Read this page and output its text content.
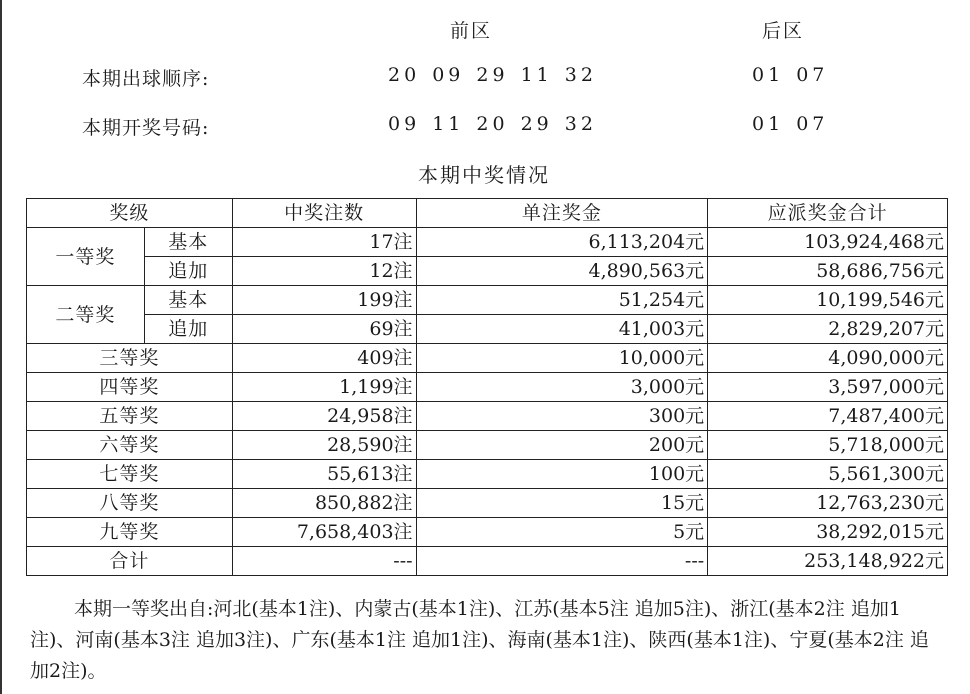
前区	后区
本期出球顺序:	20 09 29 11 32	01 07
本期开奖号码:	09 11 20 29 32	01 07
本期中奖情况
奖级		中奖注数	单注奖金	应派奖金合计
一等奖	基本	17注	6,113,204元	103,924,468元
	追加	12注	4,890,563元	58,686,756元
二等奖	基本	199注	51,254元	10,199,546元
	追加	69注	41,003元	2,829,207元
三等奖		409注	10,000元	4,090,000元
四等奖		1,199注	3,000元	3,597,000元
五等奖		24,958注	300元	7,487,400元
六等奖		28,590注	200元	5,718,000元
七等奖		55,613注	100元	5,561,300元
八等奖		850,882注	15元	12,763,230元
九等奖		7,658,403注	5元	38,292,015元
合计		---	---	253,148,922元
本期一等奖出自:河北(基本1注)、内蒙古(基本1注)、江苏(基本5注 追加5注)、浙江(基本2注 追加1注)、河南(基本3注 追加3注)、广东(基本1注 追加1注)、海南(基本1注)、陕西(基本1注)、宁夏(基本2注 追加2注)。
